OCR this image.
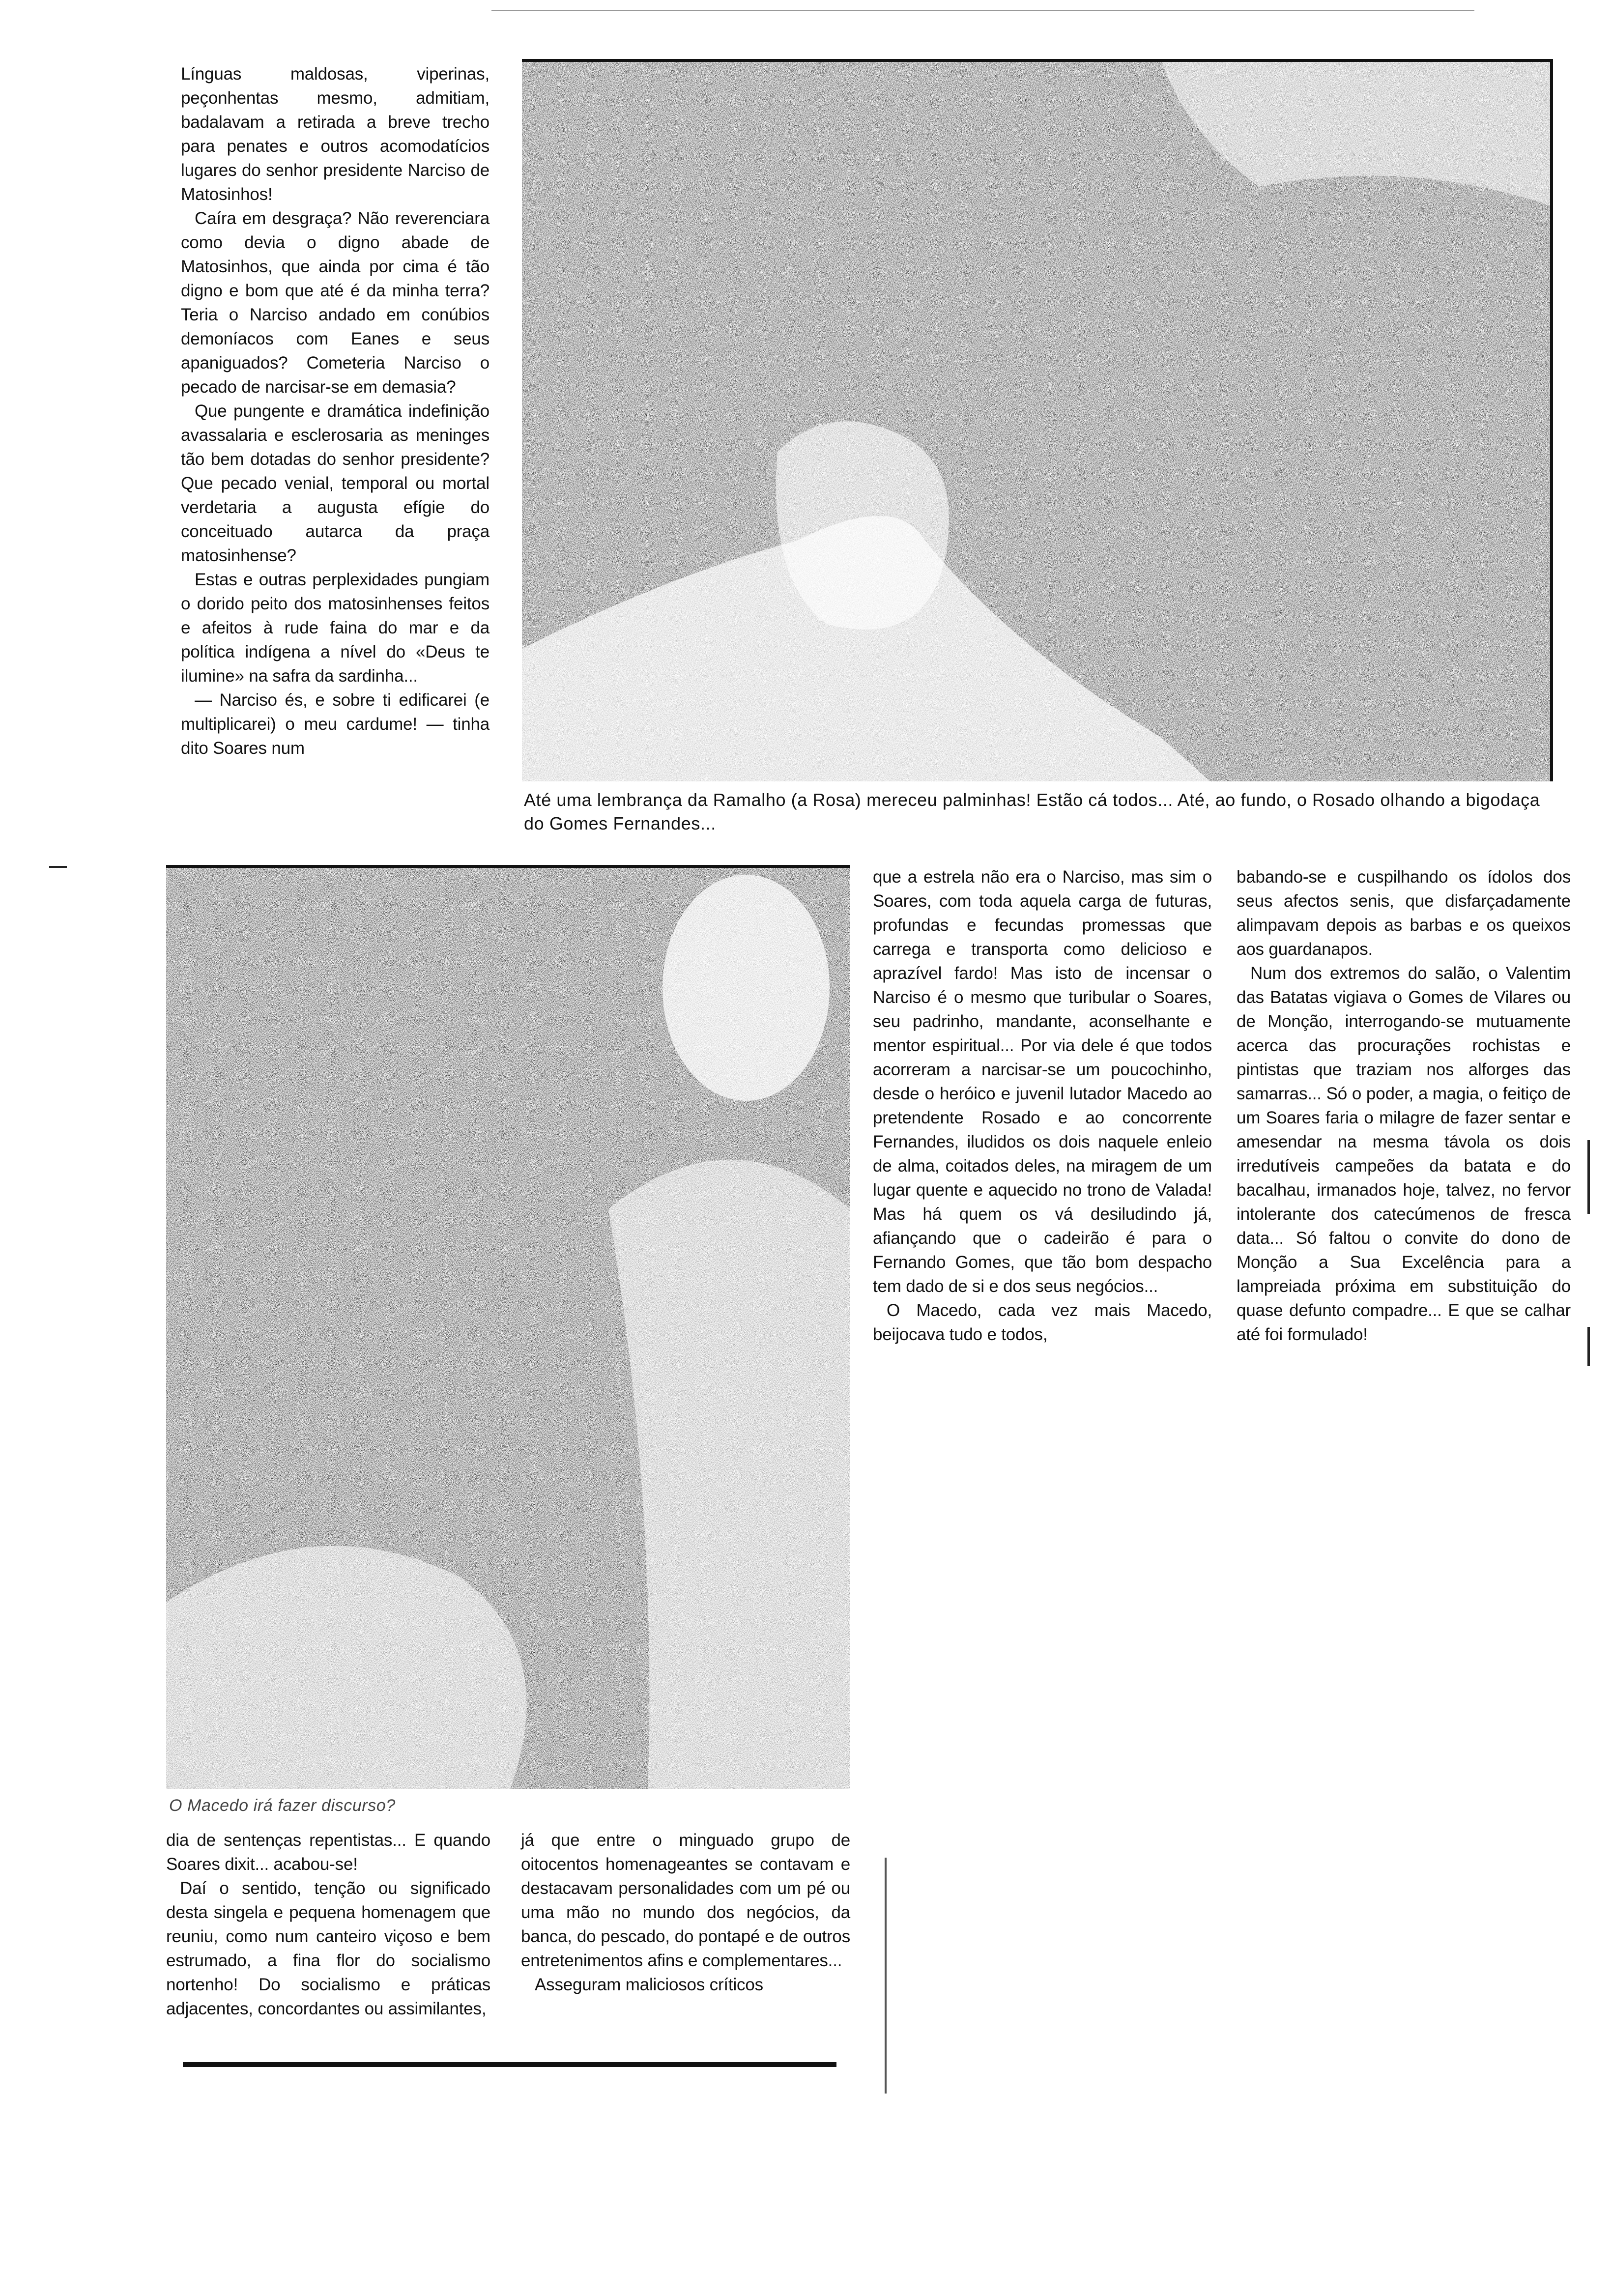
Línguas maldosas, viperinas, peçonhentas mesmo, admitiam, badalavam a retirada a breve trecho para penates e outros acomodatícios lugares do senhor presidente Narciso de Matosinhos!

Caíra em desgraça? Não reverenciara como devia o digno abade de Matosinhos, que ainda por cima é tão digno e bom que até é da minha terra? Teria o Narciso andado em conúbios demoníacos com Eanes e seus apaniguados? Cometeria Narciso o pecado de narcisar-se em demasia?

Que pungente e dramática indefinição avassalaria e esclerosaria as meninges tão bem dotadas do senhor presidente? Que pecado venial, temporal ou mortal verdetaria a augusta efígie do conceituado autarca da praça matosinhense?

Estas e outras perplexidades pungiam o dorido peito dos matosinhenses feitos e afeitos à rude faina do mar e da política indígena a nível do «Deus te ilumine» na safra da sardinha...

— Narciso és, e sobre ti edificarei (e multiplicarei) o meu cardume! — tinha dito Soares num

Até uma lembrança da Ramalho (a Rosa) mereceu palminhas! Estão cá todos... Até, ao fundo, o Rosado olhando a bigodaça do Gomes Fernandes...
O Macedo irá fazer discurso?

que a estrela não era o Narciso, mas sim o Soares, com toda aquela carga de futuras, profundas e fecundas promessas que carrega e transporta como delicioso e aprazível fardo! Mas isto de incensar o Narciso é o mesmo que turibular o Soares, seu padrinho, mandante, aconselhante e mentor espiritual... Por via dele é que todos acorreram a narcisar-se um poucochinho, desde o heróico e juvenil lutador Macedo ao pretendente Rosado e ao concorrente Fernandes, iludidos os dois naquele enleio de alma, coitados deles, na miragem de um lugar quente e aquecido no trono de Valada! Mas há quem os vá desiludindo já, afiançando que o cadeirão é para o Fernando Gomes, que tão bom despacho tem dado de si e dos seus negócios...

O Macedo, cada vez mais Macedo, beijocava tudo e todos,

babando-se e cuspilhando os ídolos dos seus afectos senis, que disfarçadamente alimpavam depois as barbas e os queixos aos guardanapos.

Num dos extremos do salão, o Valentim das Batatas vigiava o Gomes de Vilares ou de Monção, interrogando-se mutuamente acerca das procurações rochistas e pintistas que traziam nos alforges das samarras... Só o poder, a magia, o feitiço de um Soares faria o milagre de fazer sentar e amesendar na mesma távola os dois irredutíveis campeões da batata e do bacalhau, irmanados hoje, talvez, no fervor intolerante dos catecúmenos de fresca data... Só faltou o convite do dono de Monção a Sua Excelência para a lampreiada próxima em substituição do quase defunto compadre... E que se calhar até foi formulado!

dia de sentenças repentistas... E quando Soares dixit... acabou-se!

Daí o sentido, tenção ou significado desta singela e pequena homenagem que reuniu, como num canteiro viçoso e bem estrumado, a fina flor do socialismo nortenho! Do socialismo e práticas adjacentes, concordantes ou assimilantes,

já que entre o minguado grupo de oitocentos homenageantes se contavam e destacavam personalidades com um pé ou uma mão no mundo dos negócios, da banca, do pescado, do pontapé e de outros entretenimentos afins e complementares...

Asseguram maliciosos críticos
